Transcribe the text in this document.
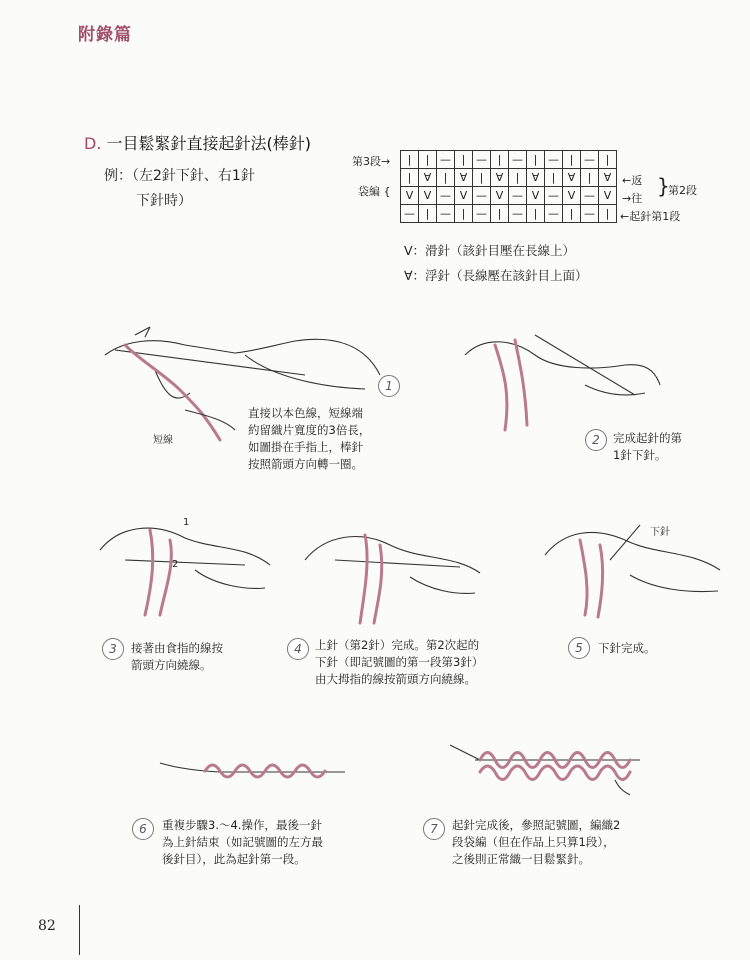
附錄篇
D. 一目鬆緊針直接起針法(棒針)
例：（左2針下針、右1針
下針時）
第3段→
袋編 {
|	|	—	|	—	|	—	|	—	|	—	|
|	∀	|	∀	|	∀	|	∀	|	∀	|	∀
V	V	—	V	—	V	—	V	—	V	—	V
—	|	—	|	—	|	—	|	—	|	—	|
←返
→往
}
第2段
←起針第1段
V：滑針（該針目壓在長線上）
∀：浮針（長線壓在該針目上面）
短線
1
直接以本色線，短線端
約留織片寬度的3倍長，
如圖掛在手指上，棒針
按照箭頭方向轉一圈。
2	完成起針的第
1針下針。
1
2
3	接著由食指的線按
箭頭方向繞線。
4	上針（第2針）完成。第2次起的
下針（即記號圖的第一段第3針）
由大拇指的線按箭頭方向繞線。
下針
5	下針完成。
6	重複步驟3.～4.操作，最後一針
為上針結束（如記號圖的左方最
後針目），此為起針第一段。
7	起針完成後，參照記號圖，編織2
段袋編（但在作品上只算1段），
之後則正常織一目鬆緊針。
82
